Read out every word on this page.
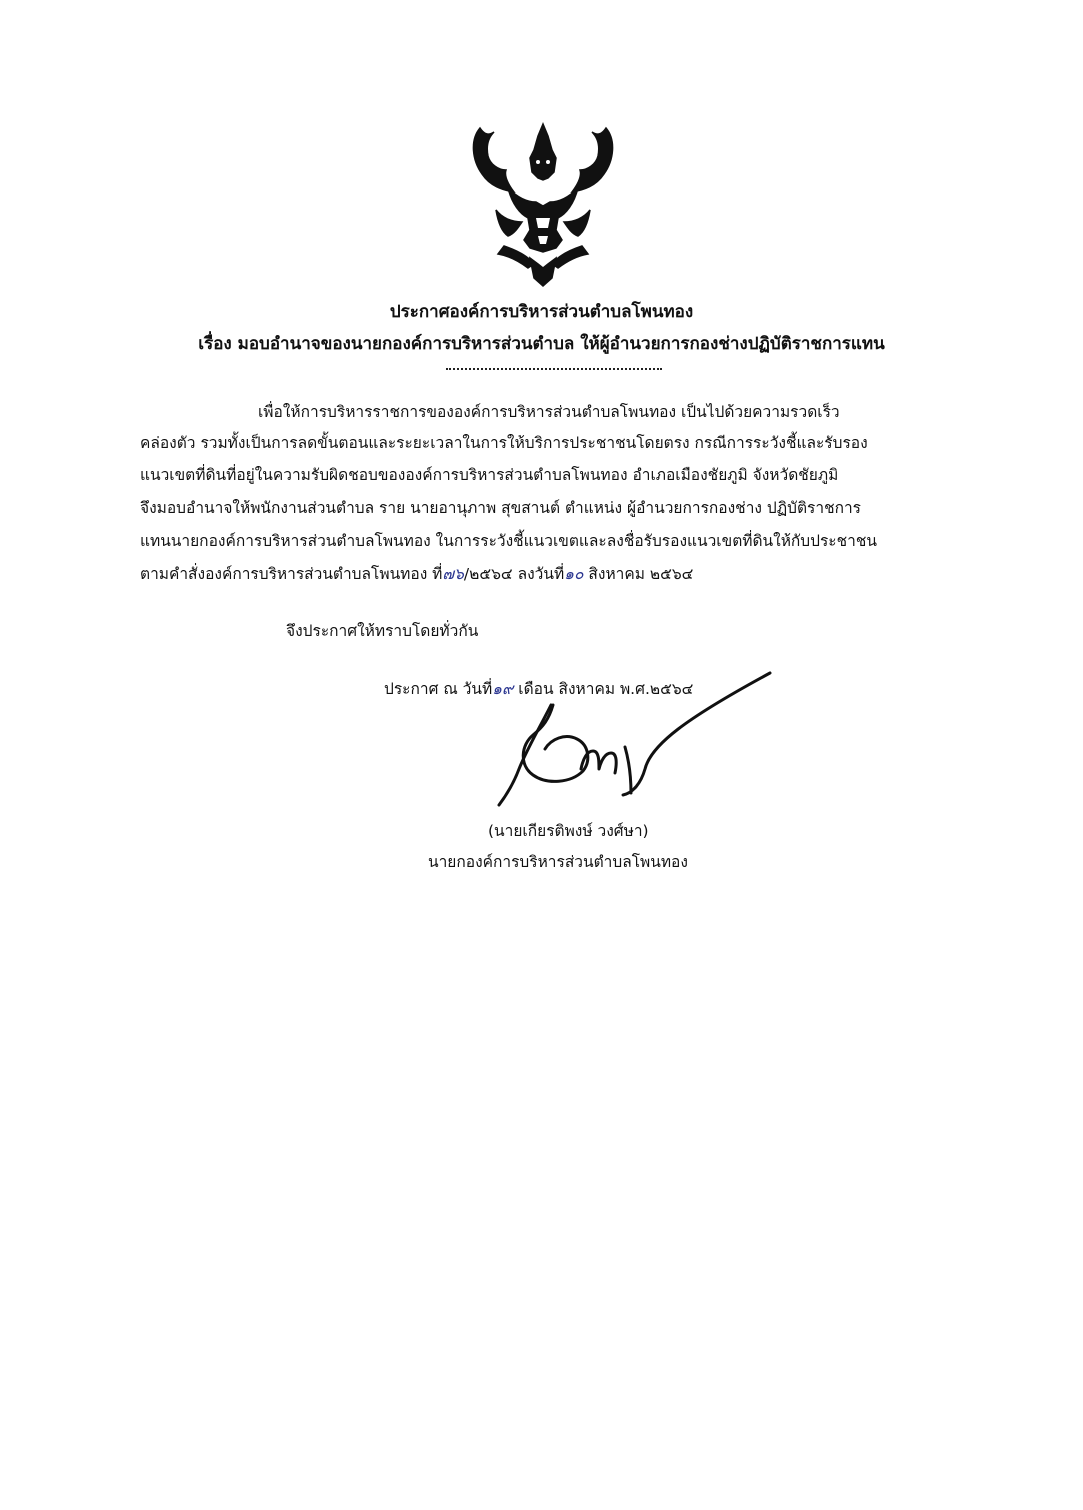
ประกาศองค์การบริหารส่วนตำบลโพนทอง
เรื่อง มอบอำนาจของนายกองค์การบริหารส่วนตำบล ให้ผู้อำนวยการกองช่างปฏิบัติราชการแทน
เพื่อให้การบริหารราชการขององค์การบริหารส่วนตำบลโพนทอง เป็นไปด้วยความรวดเร็ว
คล่องตัว รวมทั้งเป็นการลดขั้นตอนและระยะเวลาในการให้บริการประชาชนโดยตรง กรณีการระวังชี้และรับรอง
แนวเขตที่ดินที่อยู่ในความรับผิดชอบขององค์การบริหารส่วนตำบลโพนทอง อำเภอเมืองชัยภูมิ จังหวัดชัยภูมิ
จึงมอบอำนาจให้พนักงานส่วนตำบล ราย นายอานุภาพ สุขสานต์ ตำแหน่ง ผู้อำนวยการกองช่าง ปฏิบัติราชการ
แทนนายกองค์การบริหารส่วนตำบลโพนทอง ในการระวังชี้แนวเขตและลงชื่อรับรองแนวเขตที่ดินให้กับประชาชน
ตามคำสั่งองค์การบริหารส่วนตำบลโพนทอง ที่๗๖/๒๕๖๔ ลงวันที่๑๐ สิงหาคม ๒๕๖๔
จึงประกาศให้ทราบโดยทั่วกัน
ประกาศ ณ วันที่๑๙ เดือน สิงหาคม พ.ศ.๒๕๖๔
(นายเกียรติพงษ์ วงศ์ษา)
นายกองค์การบริหารส่วนตำบลโพนทอง
